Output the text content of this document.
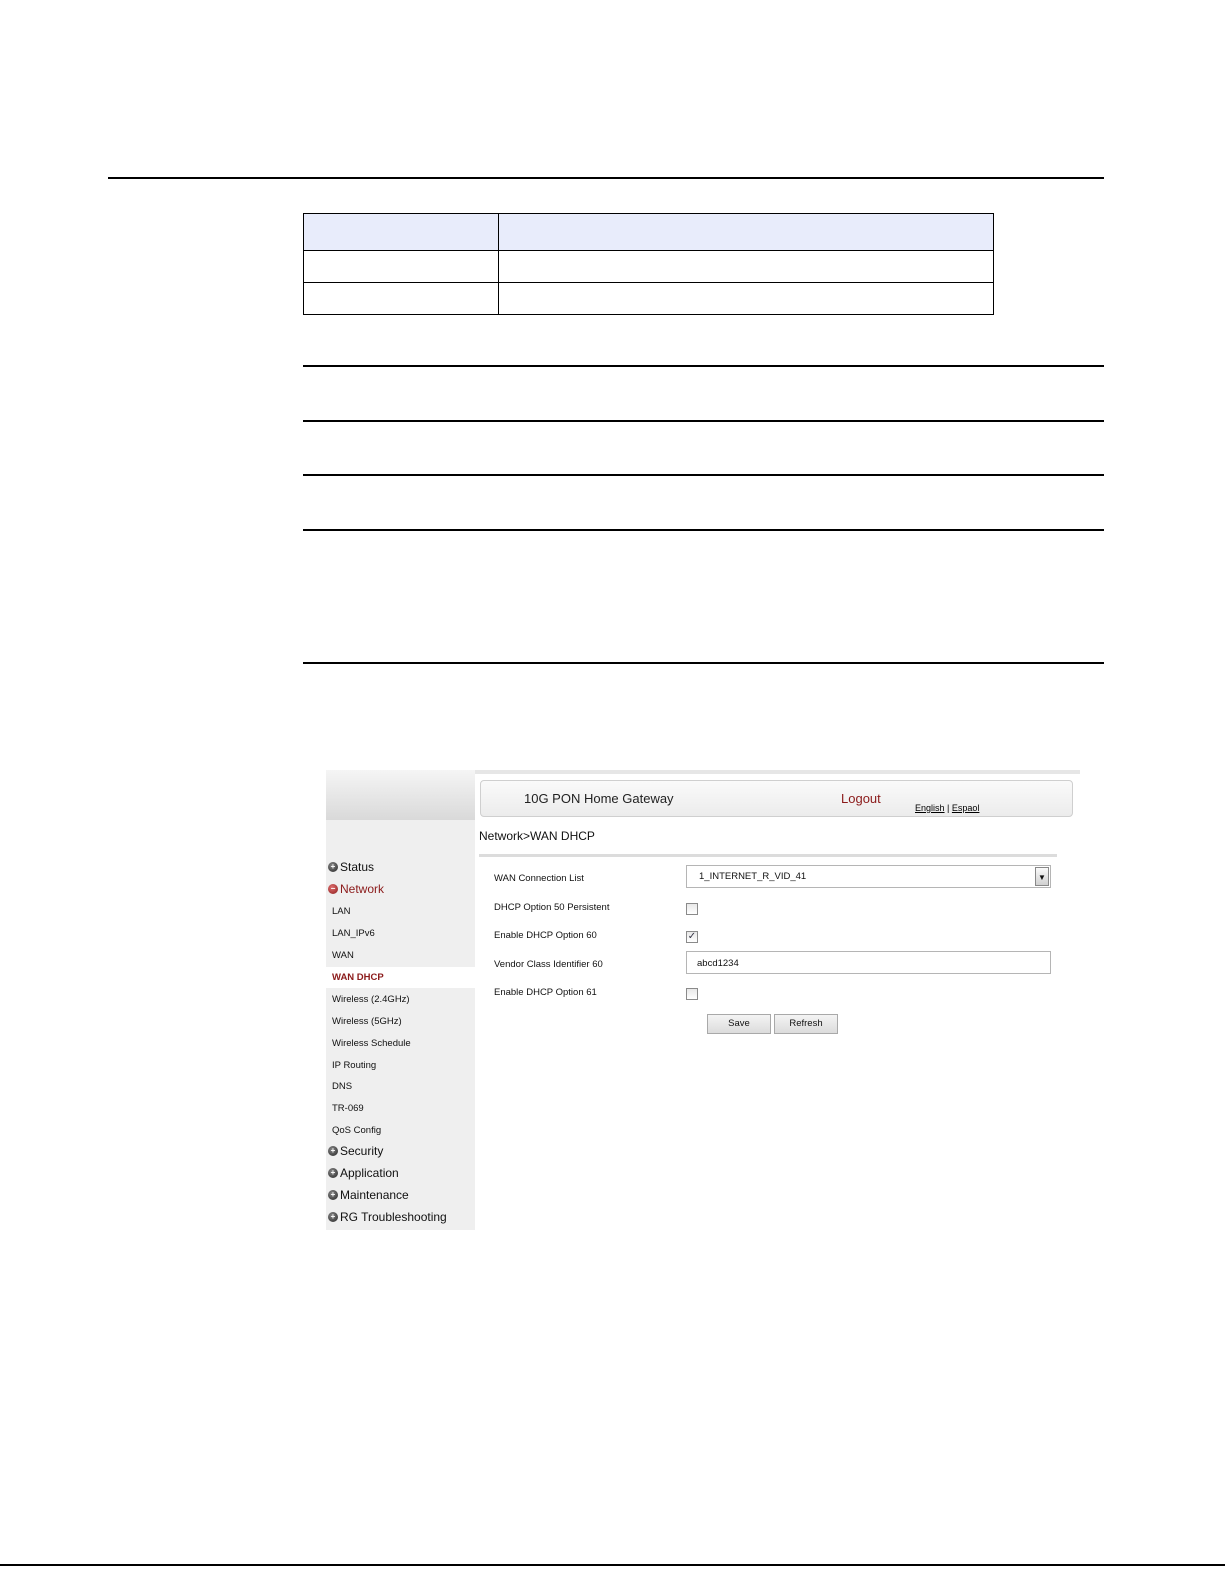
10G PON Home Gateway	Logout
English | Espaol
Network>WAN DHCP
+ Status
− Network
LAN
LAN_IPv6
WAN
WAN DHCP
Wireless (2.4GHz)
Wireless (5GHz)
Wireless Schedule
IP Routing
DNS
TR-069
QoS Config
+ Security
+ Application
+ Maintenance
+ RG Troubleshooting
WAN Connection List	1_INTERNET_R_VID_41	▼
DHCP Option 50 Persistent
Enable DHCP Option 60	✓
Vendor Class Identifier 60	abcd1234
Enable DHCP Option 61
Save	Refresh
